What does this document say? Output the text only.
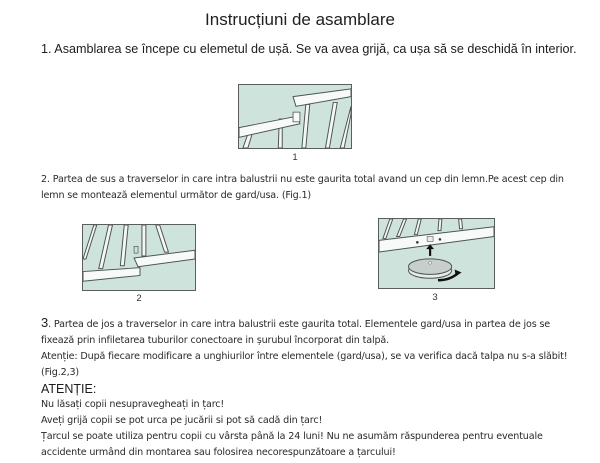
Instrucțiuni de asamblare
1. Asamblarea se începe cu elemetul de ușă. Se va avea grijă, ca ușa să se deschidă în interior.
1
2. Partea de sus a traverselor in care intra balustrii nu este gaurita total avand un cep din lemn.Pe acest cep din lemn se montează elementul următor de gard/usa. (Fig.1)
2	3
3. Partea de jos a traverselor in care intra balustrii este gaurita total. Elementele gard/usa in partea de jos se fixează prin infiletarea tuburilor conectoare in șurubul încorporat din talpă.
Atenție: După fiecare modificare a unghiurilor între elementele (gard/usa), se va verifica dacă talpa nu s-a slăbit! (Fig.2,3)
ATENȚIE:
Nu lăsați copii nesupravegheați in țarc!
Aveți grijă copii se pot urca pe jucării si pot să cadă din țarc!
Țarcul se poate utiliza pentru copii cu vârsta până la 24 luni! Nu ne asumăm răspunderea pentru eventuale accidente urmând din montarea sau folosirea necorespunzătoare a țarcului!
